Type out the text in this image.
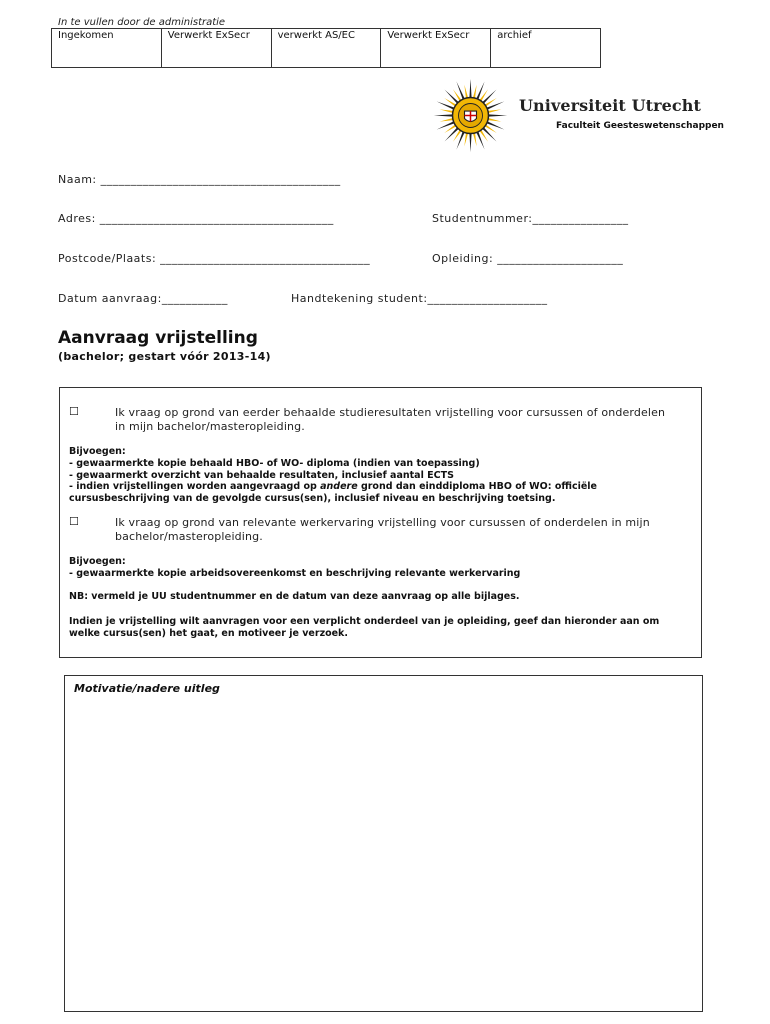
In te vullen door de administratie
Ingekomen	Verwerkt ExSecr	verwerkt AS/EC	Verwerkt ExSecr	archief
Universiteit Utrecht
Faculteit Geesteswetenschappen
Naam: ________________________________________
Adres: _______________________________________	Studentnummer:________________
Postcode/Plaats: ___________________________________	Opleiding: _____________________
Datum aanvraag:___________	Handtekening student:____________________
Aanvraag vrijstelling
(bachelor; gestart vóór 2013-14)
☐	Ik vraag op grond van eerder behaalde studieresultaten vrijstelling voor cursussen of onderdelen
in mijn bachelor/masteropleiding.
Bijvoegen:
- gewaarmerkte kopie behaald HBO- of WO- diploma (indien van toepassing)
- gewaarmerkt overzicht van behaalde resultaten, inclusief aantal ECTS
- indien vrijstellingen worden aangevraagd op andere grond dan einddiploma HBO of WO: officiële
cursusbeschrijving van de gevolgde cursus(sen), inclusief niveau en beschrijving toetsing.
☐	Ik vraag op grond van relevante werkervaring vrijstelling voor cursussen of onderdelen in mijn
bachelor/masteropleiding.
Bijvoegen:
- gewaarmerkte kopie arbeidsovereenkomst en beschrijving relevante werkervaring
NB: vermeld je UU studentnummer en de datum van deze aanvraag op alle bijlages.
Indien je vrijstelling wilt aanvragen voor een verplicht onderdeel van je opleiding, geef dan hieronder aan om
welke cursus(sen) het gaat, en motiveer je verzoek.
Motivatie/nadere uitleg
